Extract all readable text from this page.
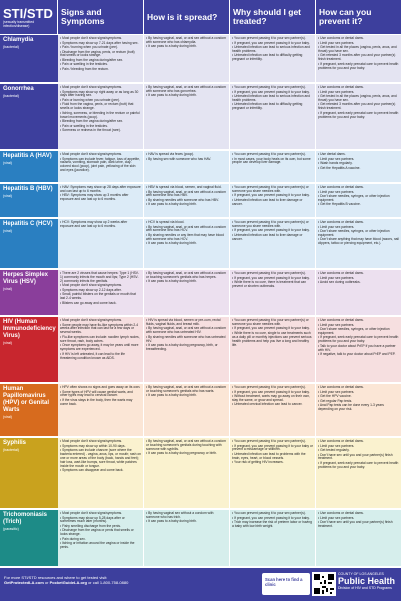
STI/STD
(sexually transmitted infection/disease)
Signs and Symptoms	How is it spread?	Why should I get treated?
How can you prevent it?
Chlamydia
(bacterial)

• Most people don't show signs/symptoms.

• Symptoms may show up 7-21 days after having sex.

• Pain / burning when you urinate (pee).

• Discharge from the vagina, penis, or rectum (butt) that smells or looks strange.

• Bleeding from the vagina during/after sex.

• Pain or swelling in the testicles.

• Pain / bleeding from the rectum.

• By having vaginal, anal, or oral sex without a condom with someone who has chlamydia.

• It can pass to a baby during birth.

• You can prevent passing it to your sex partner(s).

• If pregnant, you can prevent passing it to your baby.

• Untreated infection can lead to serious infection and health problems.

• Untreated infection can lead to difficulty getting pregnant or infertility.

• Use condoms or dental dams.

• Limit your sex partners.

• Get tested in all the places (vagina, penis, anus, and throat) you have sex.

• Get retested 3 months after you and your partner(s) finish treatment.

• If pregnant, seek early prenatal care to prevent health problems for you and your baby.

Gonorrhea
(bacterial)

• Most people don't show signs/symptoms.

• Symptoms may show up right away or as long as 30 days after having sex.

• Pain or burning when you urinate (pee).

• Fluid from the vagina, penis, or rectum (butt) that smells or looks strange.

• Itching, soreness, or bleeding in the rectum or painful bowel movements (poop).

• Bleeding from the vagina during/after sex.

• Pain or swelling in the testicles.

• Soreness or redness in the throat (rare).

• By having vaginal, anal, or oral sex without a condom with someone who has gonorrhea.

• It can pass to a baby during birth.

• You can prevent passing it to your sex partner(s).

• If pregnant, you can prevent passing it to your baby.

• Untreated infection can lead to serious infection and health problems.

• Untreated infection can lead to difficulty getting pregnant or infertility.

• Use condoms or dental dams.

• Limit your sex partners.

• Get tested in all the places (vagina, penis, anus, and throat) you have sex.

• Get retested 3 months after you and your partner(s) finish treatment.

• If pregnant, seek early prenatal care to prevent health problems for you and your baby.

Hepatitis A (HAV)
(viral)

• Most people don't show signs/symptoms.

• Symptoms can include fever, fatigue, loss of appetite, nausea, vomiting, stomach pain, dark urine, clay-colored stool (poop), joint pain, yellowing of the skin and eyes (jaundice).

• HAV is spread via feces (poop).

• By having sex with someone who has HAV.

• You can prevent passing it to your sex partner(s).

• In most cases, your body heals on its own, but some people can develop liver damage.

• Use dental dams.

• Limit your sex partners.

• Wash hands regularly.

• Get the Hepatitis A vaccine.

Hepatitis B (HBV)
(viral)

• HAV: Symptoms may show up 28 days after exposure and can last up to 6 months.

• HBV: Symptoms may show up 3 months after exposure and can last up to 6 months.

• HBV is spread via blood, semen, and vaginal fluid.

• By having vaginal, anal, or oral sex without a condom with someone who has HBV.

• By sharing needles with someone who has HBV.

• It can pass to a baby during birth.

• You can prevent passing it to your sex partner(s) or someone you share needles with.

• If pregnant, you can prevent passing it to your baby.

• Untreated infection can lead to liver damage or cancer.

• Use condoms or dental dams.

• Limit your sex partners.

• Don't share needles, syringes, or other injection equipment.

• Get the Hepatitis B vaccine.

Hepatitis C (HCV)
(viral)

• HCV: Symptoms may show up 2 weeks after exposure and can last up to 6 months.

• HCV is spread via blood.

• By having vaginal, anal, or oral sex without a condom with someone who has HCV.

• By sharing needles or any item that may have blood with someone who has HCV.

• It can pass to a baby during birth.

• You can prevent passing it to your sex partner(s) or someone you share needles with.

• If pregnant, you can prevent passing it to your baby.

• Untreated infection can lead to liver damage or cancer.

• Use condoms or dental dams.

• Limit your sex partners.

• Don't share needles, syringes, or other injection equipment.

• Don't share anything that may have blood (razors, nail clippers, tattoo or piercing equipment, etc.).

Herpes Simplex Virus (HSV)
(viral)

• There are 2 viruses that cause herpes: Type 1 (HSV-1) commonly infects the mouth and lips; Type 2 (HSV-2) commonly infects the genitals.

• Most people don't show signs/symptoms.

• Symptoms may show up 2-12 days after.

• Small, painful blisters on the genitals or mouth that last 2-4 weeks.

• Blisters can go away and come back.

• By having vaginal, anal, or oral sex without a condom or touching someone's genitals who has herpes.

• It can pass to a baby during birth.

• You can prevent passing it to your sex partner(s).

• If pregnant, you can prevent passing it to your baby.

• While there is no cure, there is treatment that can prevent or shorten outbreaks.

• Use condoms or dental dams.

• Limit your sex partners.

• Avoid sex during outbreaks.

HIV (Human Immunodeficiency Virus)
(viral)

• Most people don't show signs/symptoms.

• Some people may have flu-like symptoms within 2-4 weeks after infection that can last for a few days or several weeks.

• Flu-like symptoms can include: swollen lymph nodes, sore throat, rash, body aches.

• Once symptoms go away, it may be years until more symptoms are experienced.

• If HIV is left untreated, it can lead to the life threatening condition known as AIDS.

• HIV is spread via blood, semen or pre-cum, rectal fluids, vaginal fluids, and breast milk.

• By having vaginal, anal, or oral sex without a condom with someone who has untreated HIV.

• By sharing needles with someone who has untreated HIV.

• It can pass to a baby during pregnancy, birth, or breastfeeding.

• You can prevent passing it to your sex partner(s) or someone you share needles with.

• If pregnant, you can prevent passing it to your baby.

• While there is no cure, single to use treatments such as a daily pill or monthly injections can prevent serious health problems and help you live a long and healthy life.

• Use condoms or dental dams.

• Limit your sex partners.

• Don't share needles, syringes, or other injection equipment.

• If pregnant, seek early prenatal care to prevent health problems for you and your baby.

• Talk to your doctor about PrEP if you have a partner with HIV.

• If negative, talk to your doctor about PrEP and PEP.

Human Papillomavirus (HPV) or Genital Warts
(viral)

• HPV often shows no signs and goes away on its own.

• Some types of HPV will cause genital warts, and other types may lead to cervical cancer.

• If the virus stays in the body, then the warts may come back.

• By having vaginal, anal, or oral sex without a condom or touching someone's genitals who has warts.

• It can pass to a baby during birth.

• You can prevent passing it to your sex partner(s).

• If pregnant, you can prevent passing it to your baby.

• Without treatment, warts may go away on their own, stay the same, or grow and spread.

• Untreated cervical infection can lead to cancer.

• Use condoms or dental dams.

• Limit your sex partners.

• Get the HPV vaccine.

• Get regular Pap tests.

• Anal Pap tests can be done every 1-3 years depending on your risk.

Syphilis
(bacterial)

• Most people don't show signs/symptoms.

• Symptoms may show up within 10-90 days.

• Symptoms can include chancre (sore where the bacteria entered) - vagina, anus, lips, or mouth; rash on one or more areas of the body (back, hands and feet); hair loss, wart-like bumps, sore throat, white patches inside the mouth or tongue.

• Symptoms can disappear and come back.

• By having vaginal, anal, or oral sex without a condom or touching someone's genitals during touching with someone with syphilis.

• It can pass to a baby during pregnancy or birth.

• You can prevent passing it to your sex partner(s).

• If pregnant, you can prevent passing it to your baby or prevent a miscarriage or stillbirth.

• Untreated infection can lead to problems with the brain, eyes, heart, or blood vessels.

• Your risk of getting HIV increases.

• Use condoms or dental dams.

• Limit your sex partners.

• Get tested regularly.

• Don't have sex until you and your partner(s) finish treatment.

• If pregnant, seek early prenatal care to prevent health problems for you and your baby.

Trichomoniasis (Trich)
(parasitic)

• Most people don't show signs/symptoms.

• Symptoms may show up 5-28 days after or sometimes much later (months).

• Fishy smelling discharge from the penis.

• Discharge from the vagina or penis that smells or looks strange.

• Pain during sex.

• Itching or irritation around the vagina or inside the penis.

• By having vaginal sex without a condom with someone who has trich.

• It can pass to a baby during birth.

• You can prevent passing it to your sex partner(s).

• If pregnant, you can prevent passing it to your baby.

• Trich may increase the risk of preterm labor or having a baby with low birth weight.

• Use condoms or dental dams.

• Limit your sex partners.

• Don't have sex until you and your partner(s) finish treatment.

For more STI/STD resources and where to get tested visit:
GetProtectedLA.com or PocketGuideLA.org or call 1-800-758-0880
Scan here to find a clinic
COUNTY OF LOS ANGELES
Public Health
Division of HIV and STD Programs
